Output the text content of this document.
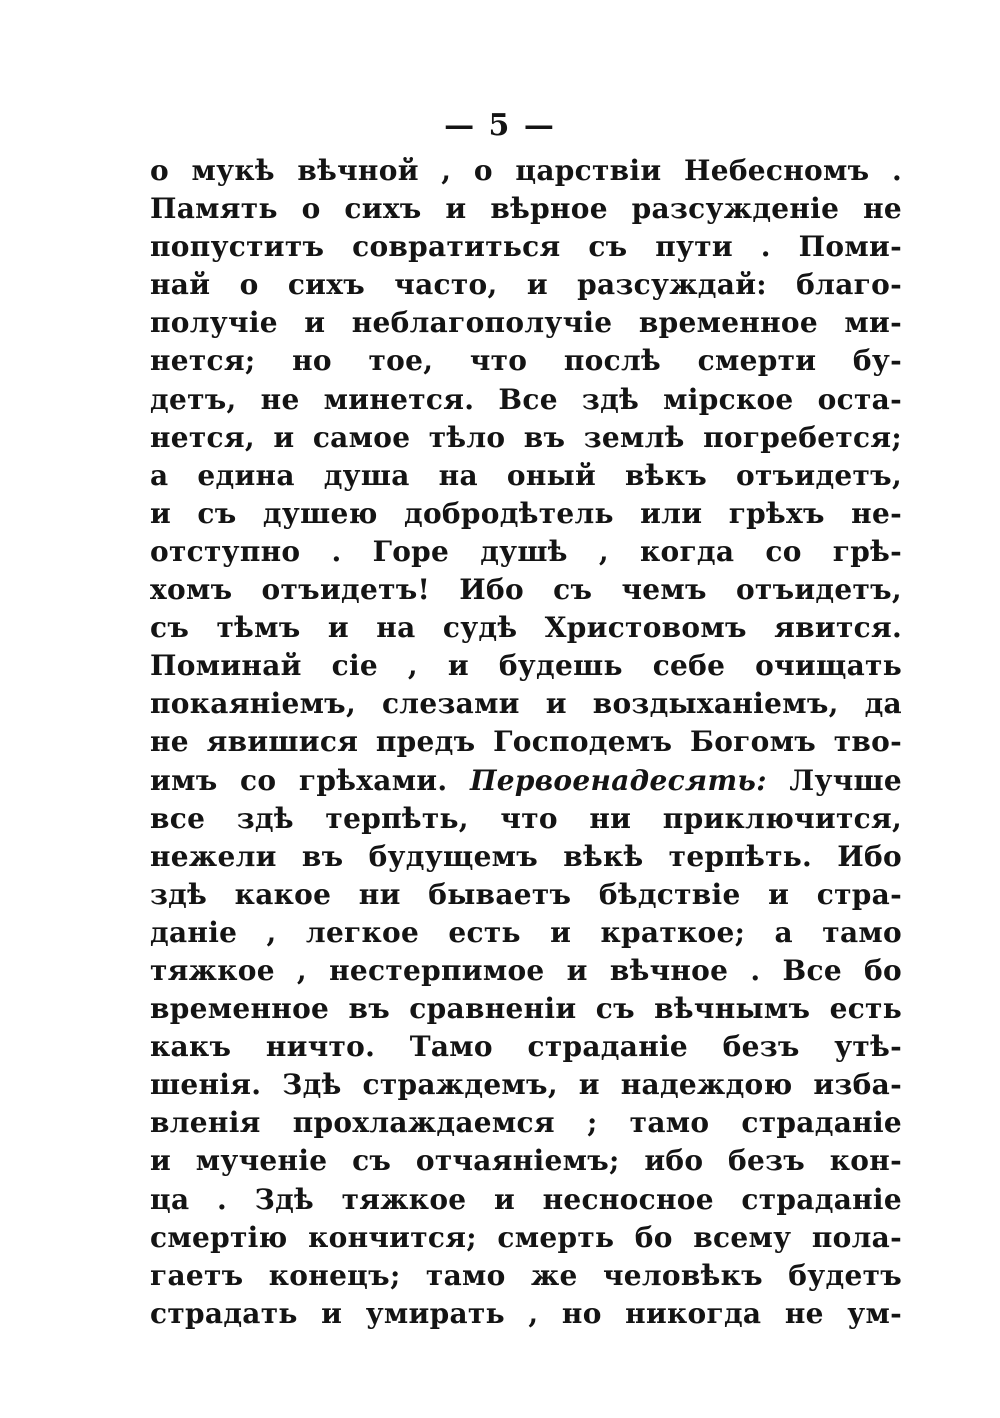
— 5 —
о мукѣ вѣчной , о царствіи Небесномъ .
Память о сихъ и вѣрное разсужденіе не
попуститъ совратиться съ пути . Поми-
най о сихъ часто, и разсуждай: благо-
получіе и неблагополучіе временное ми-
нется; но тое, что послѣ смерти бу-
детъ, не минется. Все здѣ мірское оста-
нется, и самое тѣло въ землѣ погребется;
а едина душа на оный вѣкъ отъидетъ,
и съ душею добродѣтель или грѣхъ не-
отступно . Горе душѣ , когда со грѣ-
хомъ отъидетъ! Ибо съ чемъ отъидетъ,
съ тѣмъ и на судѣ Христовомъ явится.
Поминай сіе , и будешь себе очищать
покаяніемъ, слезами и воздыханіемъ, да
не явишися предъ Господемъ Богомъ тво-
имъ со грѣхами. Первоенадесять: Лучше
все здѣ терпѣть, что ни приключится,
нежели въ будущемъ вѣкѣ терпѣть. Ибо
здѣ какое ни бываетъ бѣдствіе и стра-
даніе , легкое есть и краткое; а тамо
тяжкое , нестерпимое и вѣчное . Все бо
временное въ сравненіи съ вѣчнымъ есть
какъ ничто. Тамо страданіе безъ утѣ-
шенія. Здѣ страждемъ, и надеждою изба-
вленія прохлаждаемся ; тамо страданіе
и мученіе съ отчаяніемъ; ибо безъ кон-
ца . Здѣ тяжкое и несносное страданіе
смертію кончится; смерть бо всему пола-
гаетъ конецъ; тамо же человѣкъ будетъ
страдать и умирать , но никогда не ум-
